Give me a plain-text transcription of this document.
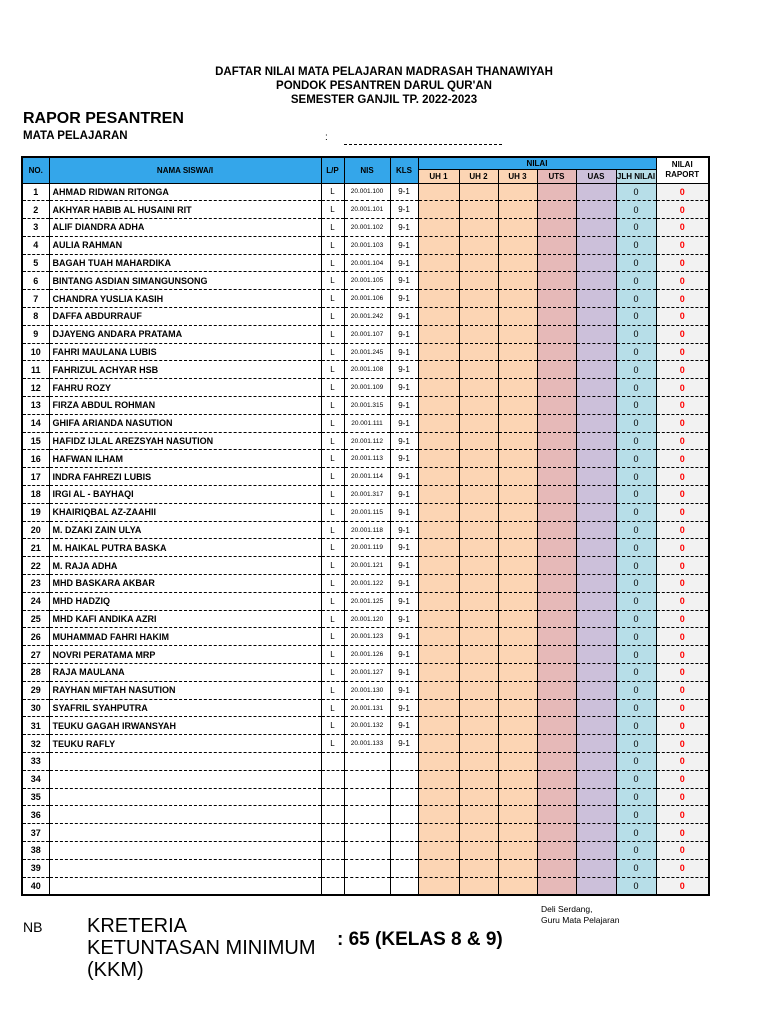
DAFTAR NILAI MATA PELAJARAN MADRASAH THANAWIYAH
PONDOK PESANTREN DARUL QUR'AN
SEMESTER GANJIL TP. 2022-2023
RAPOR PESANTREN
MATA PELAJARAN	:
NO.	NAMA SISWA/I	L/P	NIS	KLS	NILAI						NILAI
RAPORT
					UH 1	UH 2	UH 3	UTS	UAS	JLH NILAI	
1	AHMAD RIDWAN RITONGA	L	20.001.100	9-1						0	0
2	AKHYAR HABIB AL HUSAINI RIT	L	20.001.101	9-1						0	0
3	ALIF DIANDRA ADHA	L	20.001.102	9-1						0	0
4	AULIA RAHMAN	L	20.001.103	9-1						0	0
5	BAGAH TUAH MAHARDIKA	L	20.001.104	9-1						0	0
6	BINTANG ASDIAN SIMANGUNSONG	L	20.001.105	9-1						0	0
7	CHANDRA YUSLIA KASIH	L	20.001.106	9-1						0	0
8	DAFFA ABDURRAUF	L	20.001.242	9-1						0	0
9	DJAYENG ANDARA PRATAMA	L	20.001.107	9-1						0	0
10	FAHRI MAULANA LUBIS	L	20.001.245	9-1						0	0
11	FAHRIZUL ACHYAR HSB	L	20.001.108	9-1						0	0
12	FAHRU ROZY	L	20.001.109	9-1						0	0
13	FIRZA ABDUL ROHMAN	L	20.001.315	9-1						0	0
14	GHIFA ARIANDA NASUTION	L	20.001.111	9-1						0	0
15	HAFIDZ IJLAL AREZSYAH NASUTION	L	20.001.112	9-1						0	0
16	HAFWAN ILHAM	L	20.001.113	9-1						0	0
17	INDRA FAHREZI LUBIS	L	20.001.114	9-1						0	0
18	IRGI AL - BAYHAQI	L	20.001.317	9-1						0	0
19	KHAIRIQBAL AZ-ZAAHII	L	20.001.115	9-1						0	0
20	M. DZAKI ZAIN ULYA	L	20.001.118	9-1						0	0
21	M. HAIKAL PUTRA BASKA	L	20.001.119	9-1						0	0
22	M. RAJA ADHA	L	20.001.121	9-1						0	0
23	MHD BASKARA AKBAR	L	20.001.122	9-1						0	0
24	MHD HADZIQ	L	20.001.125	9-1						0	0
25	MHD KAFI ANDIKA AZRI	L	20.001.120	9-1						0	0
26	MUHAMMAD FAHRI HAKIM	L	20.001.123	9-1						0	0
27	NOVRI PERATAMA MRP	L	20.001.126	9-1						0	0
28	RAJA MAULANA	L	20.001.127	9-1						0	0
29	RAYHAN MIFTAH NASUTION	L	20.001.130	9-1						0	0
30	SYAFRIL SYAHPUTRA	L	20.001.131	9-1						0	0
31	TEUKU GAGAH IRWANSYAH	L	20.001.132	9-1						0	0
32	TEUKU RAFLY	L	20.001.133	9-1						0	0
33										0	0
34										0	0
35										0	0
36										0	0
37										0	0
38										0	0
39										0	0
40										0	0
NB KRETERIA KETUNTASAN MINIMUM (KKM)
: 65 (KELAS 8 & 9)
Deli Serdang,
Guru Mata Pelajaran
